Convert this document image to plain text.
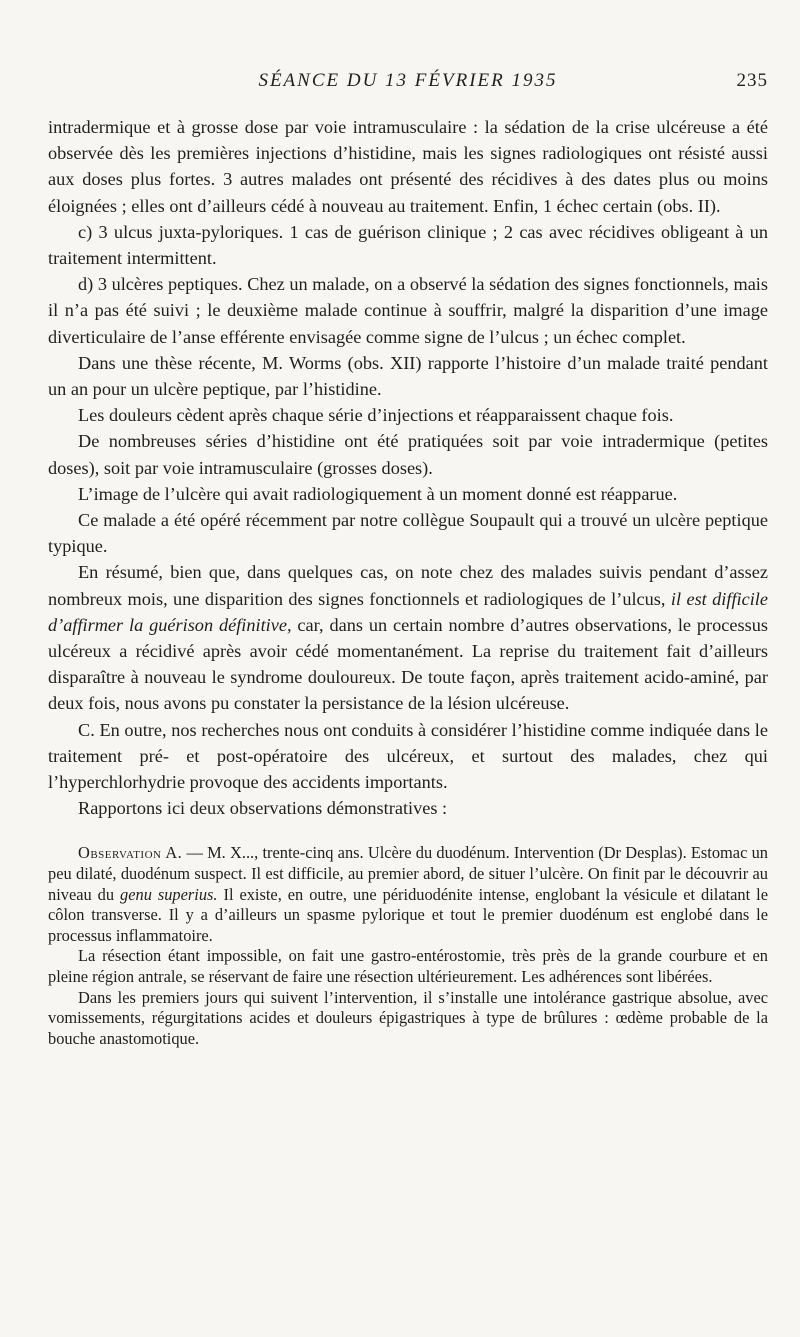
SÉANCE DU 13 FÉVRIER 1935	235

intradermique et à grosse dose par voie intramusculaire : la sédation de la crise ulcéreuse a été observée dès les premières injections d’histidine, mais les signes radiologiques ont résisté aussi aux doses plus fortes. 3 autres malades ont présenté des récidives à des dates plus ou moins éloignées ; elles ont d’ailleurs cédé à nouveau au traitement. Enfin, 1 échec certain (obs. II).

c) 3 ulcus juxta-pyloriques. 1 cas de guérison clinique ; 2 cas avec récidives obligeant à un traitement intermittent.

d) 3 ulcères peptiques. Chez un malade, on a observé la sédation des signes fonctionnels, mais il n’a pas été suivi ; le deuxième malade continue à souffrir, malgré la disparition d’une image diverticulaire de l’anse efférente envisagée comme signe de l’ulcus ; un échec complet.

Dans une thèse récente, M. Worms (obs. XII) rapporte l’histoire d’un malade traité pendant un an pour un ulcère peptique, par l’histidine.

Les douleurs cèdent après chaque série d’injections et réapparaissent chaque fois.

De nombreuses séries d’histidine ont été pratiquées soit par voie intradermique (petites doses), soit par voie intramusculaire (grosses doses).

L’image de l’ulcère qui avait radiologiquement à un moment donné est réapparue.

Ce malade a été opéré récemment par notre collègue Soupault qui a trouvé un ulcère peptique typique.

En résumé, bien que, dans quelques cas, on note chez des malades suivis pendant d’assez nombreux mois, une disparition des signes fonctionnels et radiologiques de l’ulcus, il est difficile d’affirmer la guérison définitive, car, dans un certain nombre d’autres observations, le processus ulcéreux a récidivé après avoir cédé momentanément. La reprise du traitement fait d’ailleurs disparaître à nouveau le syndrome douloureux. De toute façon, après traitement acido-aminé, par deux fois, nous avons pu constater la persistance de la lésion ulcéreuse.

C. En outre, nos recherches nous ont conduits à considérer l’histidine comme indiquée dans le traitement pré- et post-opératoire des ulcéreux, et surtout des malades, chez qui l’hyperchlorhydrie provoque des accidents importants.

Rapportons ici deux observations démonstratives :

Observation A. — M. X..., trente-cinq ans. Ulcère du duodénum. Intervention (Dr Desplas). Estomac un peu dilaté, duodénum suspect. Il est difficile, au premier abord, de situer l’ulcère. On finit par le découvrir au niveau du genu superius. Il existe, en outre, une périduodénite intense, englobant la vésicule et dilatant le côlon transverse. Il y a d’ailleurs un spasme pylorique et tout le premier duodénum est englobé dans le processus inflammatoire.

La résection étant impossible, on fait une gastro-entérostomie, très près de la grande courbure et en pleine région antrale, se réservant de faire une résection ultérieurement. Les adhérences sont libérées.

Dans les premiers jours qui suivent l’intervention, il s’installe une intolérance gastrique absolue, avec vomissements, régurgitations acides et douleurs épigastriques à type de brûlures : œdème probable de la bouche anastomotique.
